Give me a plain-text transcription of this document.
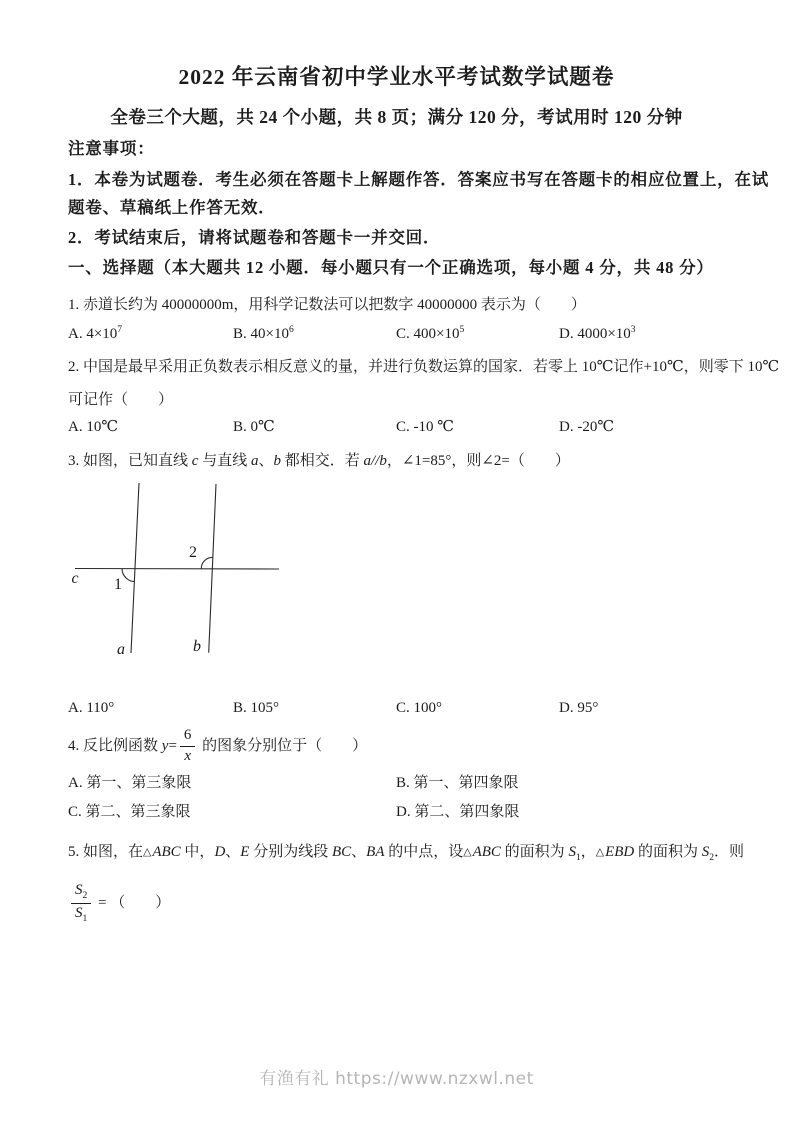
2022 年云南省初中学业水平考试数学试题卷
全卷三个大题，共 24 个小题，共 8 页；满分 120 分，考试用时 120 分钟
注意事项：
1．本卷为试题卷．考生必须在答题卡上解题作答．答案应书写在答题卡的相应位置上，在试
题卷、草稿纸上作答无效．
2．考试结束后，请将试题卷和答题卡一并交回．
一、选择题（本大题共 12 小题．每小题只有一个正确选项，每小题 4 分，共 48 分）
1. 赤道长约为 40000000m，用科学记数法可以把数字 40000000 表示为（　　）
A. $4\times 10^7$	B. $40\times 10^6$	C. $400\times 10^5$	D. $4000\times 10^3$
2. 中国是最早采用正负数表示相反意义的量，并进行负数运算的国家．若零上 10℃记作+10℃，则零下 10℃
可记作（　　）
A. 10℃	B. 0℃	C. -10 ℃	D. -20℃
3. 如图，已知直线 c 与直线 a、b 都相交．若 a//b，∠1=85°，则∠2=（　　）
c 1
2
a	b
A. 110°	B. 105°	C. 100°	D. 95°
4. 反比例函数 $y = \frac{6}{x}$ 的图象分别位于（　　）
A. 第一、第三象限	B. 第一、第四象限
C. 第二、第三象限	D. 第二、第四象限
5. 如图，在△ABC 中，D、E 分别为线段 BC、BA 的中点，设△ABC 的面积为 $S_1$，△EBD 的面积为 $S_2$．则
$\frac{S_2}{S_1}$ = （　　）
有渔有礼 https://www.nzxwl.net
